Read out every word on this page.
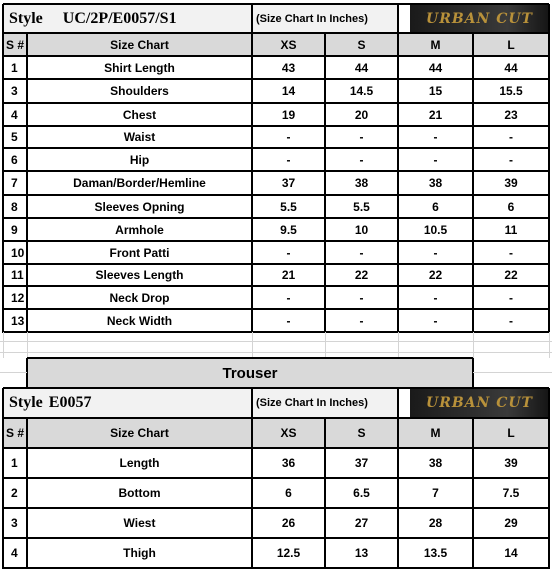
Style UC/2P/E0057/S1	(Size Chart In Inches)	URBAN CUT
S #	Size Chart	XS	S	M	L
1	Shirt Length	43	44	44	44
3	Shoulders	14	14.5	15	15.5
4	Chest	19	20	21	23
5	Waist	-	-	-	-
6	Hip	-	-	-	-
7	Daman/Border/Hemline	37	38	38	39
8	Sleeves Opning	5.5	5.5	6	6
9	Armhole	9.5	10	10.5	11
10	Front Patti	-	-	-	-
11	Sleeves Length	21	22	22	22
12	Neck Drop	-	-	-	-
13	Neck Width	-	-	-	-
Trouser
Style E0057	(Size Chart In Inches)	URBAN CUT
S #	Size Chart	XS	S	M	L
1	Length	36	37	38	39
2	Bottom	6	6.5	7	7.5
3	Wiest	26	27	28	29
4	Thigh	12.5	13	13.5	14
